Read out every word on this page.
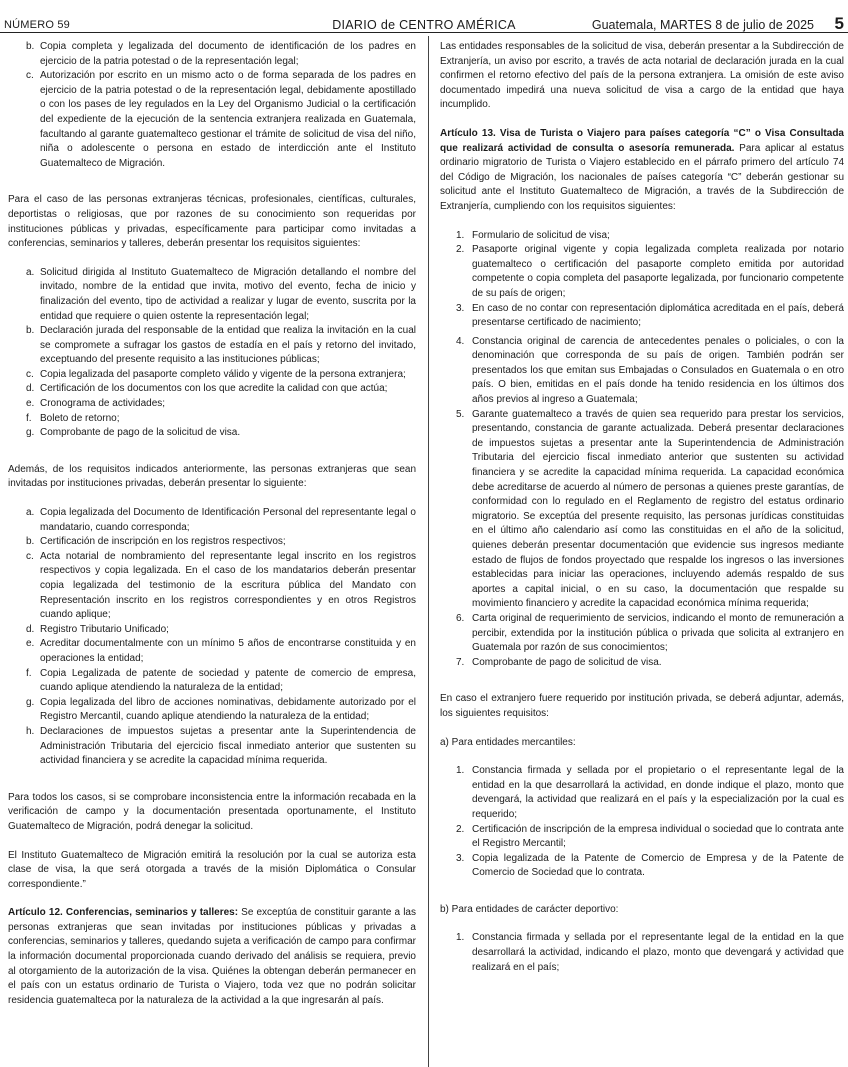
NÚMERO 59	DIARIO de CENTRO AMÉRICA	Guatemala, MARTES 8 de julio de 2025 5
b. Copia completa y legalizada del documento de identificación de los padres en ejercicio de la patria potestad o de la representación legal;
c. Autorización por escrito en un mismo acto o de forma separada de los padres en ejercicio de la patria potestad o de la representación legal, debidamente apostillado o con los pases de ley regulados en la Ley del Organismo Judicial o la certificación del expediente de la ejecución de la sentencia extranjera realizada en Guatemala, facultando al garante guatemalteco gestionar el trámite de solicitud de visa del niño, niña o adolescente o persona en estado de interdicción ante el Instituto Guatemalteco de Migración.

Para el caso de las personas extranjeras técnicas, profesionales, científicas, culturales, deportistas o religiosas, que por razones de su conocimiento son requeridas por instituciones públicas y privadas, específicamente para participar como invitadas a conferencias, seminarios y talleres, deberán presentar los requisitos siguientes:

a. Solicitud dirigida al Instituto Guatemalteco de Migración detallando el nombre del invitado, nombre de la entidad que invita, motivo del evento, fecha de inicio y finalización del evento, tipo de actividad a realizar y lugar de evento, suscrita por la entidad que requiere o quien ostente la representación legal;
b. Declaración jurada del responsable de la entidad que realiza la invitación en la cual se compromete a sufragar los gastos de estadía en el país y retorno del invitado, exceptuando del presente requisito a las instituciones públicas;
c. Copia legalizada del pasaporte completo válido y vigente de la persona extranjera;
d. Certificación de los documentos con los que acredite la calidad con que actúa;
e. Cronograma de actividades;
f. Boleto de retorno;
g. Comprobante de pago de la solicitud de visa.

Además, de los requisitos indicados anteriormente, las personas extranjeras que sean invitadas por instituciones privadas, deberán presentar lo siguiente:

a. Copia legalizada del Documento de Identificación Personal del representante legal o mandatario, cuando corresponda;
b. Certificación de inscripción en los registros respectivos;
c. Acta notarial de nombramiento del representante legal inscrito en los registros respectivos y copia legalizada. En el caso de los mandatarios deberán presentar copia legalizada del testimonio de la escritura pública del Mandato con Representación inscrito en los registros correspondientes y en otros Registros cuando aplique;
d. Registro Tributario Unificado;
e. Acreditar documentalmente con un mínimo 5 años de encontrarse constituida y en operaciones la entidad;
f. Copia Legalizada de patente de sociedad y patente de comercio de empresa, cuando aplique atendiendo la naturaleza de la entidad;
g. Copia legalizada del libro de acciones nominativas, debidamente autorizado por el Registro Mercantil, cuando aplique atendiendo la naturaleza de la entidad;
h. Declaraciones de impuestos sujetas a presentar ante la Superintendencia de Administración Tributaria del ejercicio fiscal inmediato anterior que sustenten su actividad financiera y se acredite la capacidad mínima requerida.

Para todos los casos, si se comprobare inconsistencia entre la información recabada en la verificación de campo y la documentación presentada oportunamente, el Instituto Guatemalteco de Migración, podrá denegar la solicitud.

El Instituto Guatemalteco de Migración emitirá la resolución por la cual se autoriza esta clase de visa, la que será otorgada a través de la misión Diplomática o Consular correspondiente.”

Artículo 12. Conferencias, seminarios y talleres: Se exceptúa de constituir garante a las personas extranjeras que sean invitadas por instituciones públicas y privadas a conferencias, seminarios y talleres, quedando sujeta a verificación de campo para confirmar la información documental proporcionada cuando derivado del análisis se requiera, previo al otorgamiento de la autorización de la visa. Quiénes la obtengan deberán permanecer en el país con un estatus ordinario de Turista o Viajero, toda vez que no podrán solicitar residencia guatemalteca por la naturaleza de la actividad a la que ingresarán al país.

Las entidades responsables de la solicitud de visa, deberán presentar a la Subdirección de Extranjería, un aviso por escrito, a través de acta notarial de declaración jurada en la cual confirmen el retorno efectivo del país de la persona extranjera. La omisión de este aviso documentado impedirá una nueva solicitud de visa a cargo de la entidad que haya incumplido.

Artículo 13. Visa de Turista o Viajero para países categoría “C” o Visa Consultada que realizará actividad de consulta o asesoría remunerada. Para aplicar al estatus ordinario migratorio de Turista o Viajero establecido en el párrafo primero del artículo 74 del Código de Migración, los nacionales de países categoría “C” deberán gestionar su solicitud ante el Instituto Guatemalteco de Migración, a través de la Subdirección de Extranjería, cumpliendo con los requisitos siguientes:

1. Formulario de solicitud de visa;
2. Pasaporte original vigente y copia legalizada completa realizada por notario guatemalteco o certificación del pasaporte completo emitida por autoridad competente o copia completa del pasaporte legalizada, por funcionario competente de su país de origen;
3. En caso de no contar con representación diplomática acreditada en el país, deberá presentarse certificado de nacimiento;
4. Constancia original de carencia de antecedentes penales o policiales, o con la denominación que corresponda de su país de origen. También podrán ser presentados los que emitan sus Embajadas o Consulados en Guatemala o en otro país. O bien, emitidas en el país donde ha tenido residencia en los últimos dos años previos al ingreso a Guatemala;
5. Garante guatemalteco a través de quien sea requerido para prestar los servicios, presentando, constancia de garante actualizada. Deberá presentar declaraciones de impuestos sujetas a presentar ante la Superintendencia de Administración Tributaria del ejercicio fiscal inmediato anterior que sustenten su actividad financiera y se acredite la capacidad mínima requerida. La capacidad económica debe acreditarse de acuerdo al número de personas a quienes preste garantías, de conformidad con lo regulado en el Reglamento de registro del estatus ordinario migratorio. Se exceptúa del presente requisito, las personas jurídicas constituidas en el último año calendario así como las constituidas en el año de la solicitud, quienes deberán presentar documentación que evidencie sus ingresos mediante estado de flujos de fondos proyectado que respalde los ingresos o las inversiones establecidas para iniciar las operaciones, incluyendo además respaldo de sus aportes a capital inicial, o en su caso, la documentación que respalde su movimiento financiero y acredite la capacidad económica mínima requerida;
6. Carta original de requerimiento de servicios, indicando el monto de remuneración a percibir, extendida por la institución pública o privada que solicita al extranjero en Guatemala por razón de sus conocimientos;
7. Comprobante de pago de solicitud de visa.

En caso el extranjero fuere requerido por institución privada, se deberá adjuntar, además, los siguientes requisitos:

a) Para entidades mercantiles:

1. Constancia firmada y sellada por el propietario o el representante legal de la entidad en la que desarrollará la actividad, en donde indique el plazo, monto que devengará, la actividad que realizará en el país y la especialización por la cual es requerido;
2. Certificación de inscripción de la empresa individual o sociedad que lo contrata ante el Registro Mercantil;
3. Copia legalizada de la Patente de Comercio de Empresa y de la Patente de Comercio de Sociedad que lo contrata.

b) Para entidades de carácter deportivo:

1. Constancia firmada y sellada por el representante legal de la entidad en la que desarrollará la actividad, indicando el plazo, monto que devengará y actividad que realizará en el país;
